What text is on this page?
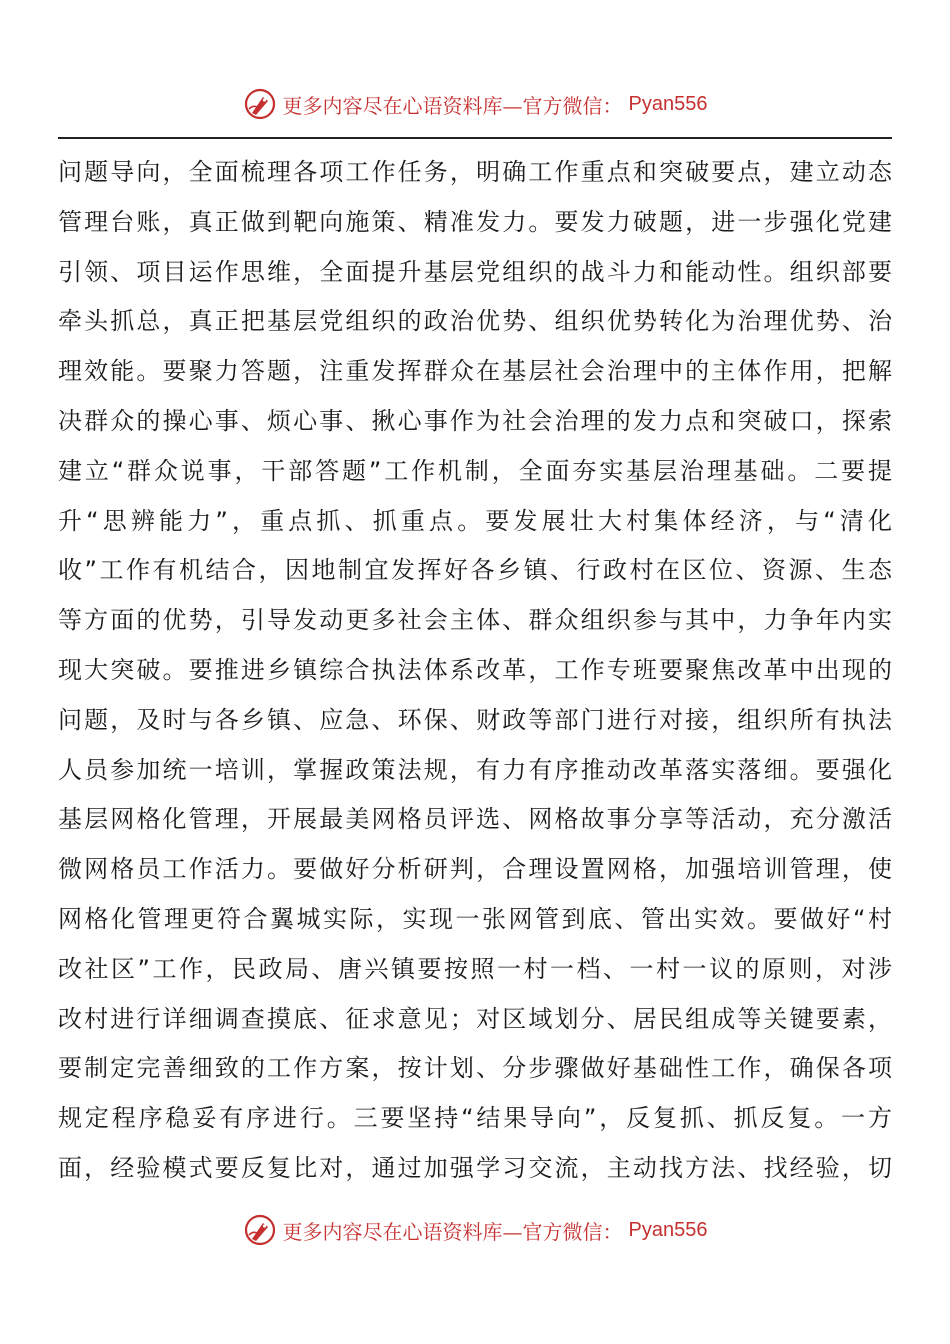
更多内容尽在心语资料库—官方微信： Pyan556
问题导向，全面梳理各项工作任务，明确工作重点和突破要点，建立动态
管理台账，真正做到靶向施策、精准发力。要发力破题，进一步强化党建
引领、项目运作思维，全面提升基层党组织的战斗力和能动性。组织部要
牵头抓总，真正把基层党组织的政治优势、组织优势转化为治理优势、治
理效能。要聚力答题，注重发挥群众在基层社会治理中的主体作用，把解
决群众的操心事、烦心事、揪心事作为社会治理的发力点和突破口，探索
建立“群众说事，干部答题”工作机制，全面夯实基层治理基础。二要提
升“思辨能力”，重点抓、抓重点。要发展壮大村集体经济，与“清化
收”工作有机结合，因地制宜发挥好各乡镇、行政村在区位、资源、生态
等方面的优势，引导发动更多社会主体、群众组织参与其中，力争年内实
现大突破。要推进乡镇综合执法体系改革，工作专班要聚焦改革中出现的
问题，及时与各乡镇、应急、环保、财政等部门进行对接，组织所有执法
人员参加统一培训，掌握政策法规，有力有序推动改革落实落细。要强化
基层网格化管理，开展最美网格员评选、网格故事分享等活动，充分激活
微网格员工作活力。要做好分析研判，合理设置网格，加强培训管理，使
网格化管理更符合翼城实际，实现一张网管到底、管出实效。要做好“村
改社区”工作，民政局、唐兴镇要按照一村一档、一村一议的原则，对涉
改村进行详细调查摸底、征求意见；对区域划分、居民组成等关键要素，
要制定完善细致的工作方案，按计划、分步骤做好基础性工作，确保各项
规定程序稳妥有序进行。三要坚持“结果导向”，反复抓、抓反复。一方
面，经验模式要反复比对，通过加强学习交流，主动找方法、找经验，切
更多内容尽在心语资料库—官方微信： Pyan556
